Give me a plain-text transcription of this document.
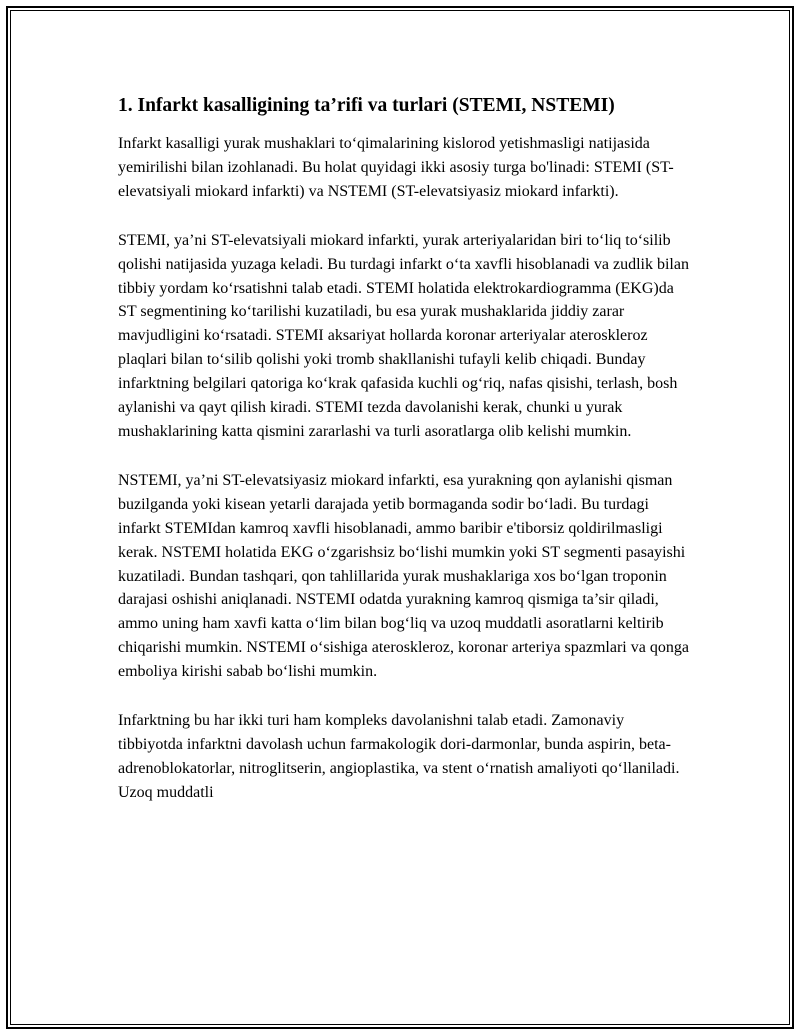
1. Infarkt kasalligining ta’rifi va turlari (STEMI, NSTEMI)

Infarkt kasalligi yurak mushaklari to‘qimalarining kislorod yetishmasligi natijasida yemirilishi bilan izohlanadi. Bu holat quyidagi ikki asosiy turga bo'linadi: STEMI (ST-elevatsiyali miokard infarkti) va NSTEMI (ST-elevatsiyasiz miokard infarkti).

STEMI, ya’ni ST-elevatsiyali miokard infarkti, yurak arteriyalaridan biri to‘liq to‘silib qolishi natijasida yuzaga keladi. Bu turdagi infarkt o‘ta xavfli hisoblanadi va zudlik bilan tibbiy yordam ko‘rsatishni talab etadi. STEMI holatida elektrokardiogramma (EKG)da ST segmentining ko‘tarilishi kuzatiladi, bu esa yurak mushaklarida jiddiy zarar mavjudligini ko‘rsatadi. STEMI aksariyat hollarda koronar arteriyalar ateroskleroz plaqlari bilan to‘silib qolishi yoki tromb shakllanishi tufayli kelib chiqadi. Bunday infarktning belgilari qatoriga ko‘krak qafasida kuchli og‘riq, nafas qisishi, terlash, bosh aylanishi va qayt qilish kiradi. STEMI tezda davolanishi kerak, chunki u yurak mushaklarining katta qismini zararlashi va turli asoratlarga olib kelishi mumkin.

NSTEMI, ya’ni ST-elevatsiyasiz miokard infarkti, esa yurakning qon aylanishi qisman buzilganda yoki kisean yetarli darajada yetib bormaganda sodir bo‘ladi. Bu turdagi infarkt STEMIdan kamroq xavfli hisoblanadi, ammo baribir e'tiborsiz qoldirilmasligi kerak. NSTEMI holatida EKG o‘zgarishsiz bo‘lishi mumkin yoki ST segmenti pasayishi kuzatiladi. Bundan tashqari, qon tahlillarida yurak mushaklariga xos bo‘lgan troponin darajasi oshishi aniqlanadi. NSTEMI odatda yurakning kamroq qismiga ta’sir qiladi, ammo uning ham xavfi katta o‘lim bilan bog‘liq va uzoq muddatli asoratlarni keltirib chiqarishi mumkin. NSTEMI o‘sishiga ateroskleroz, koronar arteriya spazmlari va qonga emboliya kirishi sabab bo‘lishi mumkin.

Infarktning bu har ikki turi ham kompleks davolanishni talab etadi. Zamonaviy tibbiyotda infarktni davolash uchun farmakologik dori-darmonlar, bunda aspirin, beta-adrenoblokatorlar, nitroglitserin, angioplastika, va stent o‘rnatish amaliyoti qo‘llaniladi. Uzoq muddatli
